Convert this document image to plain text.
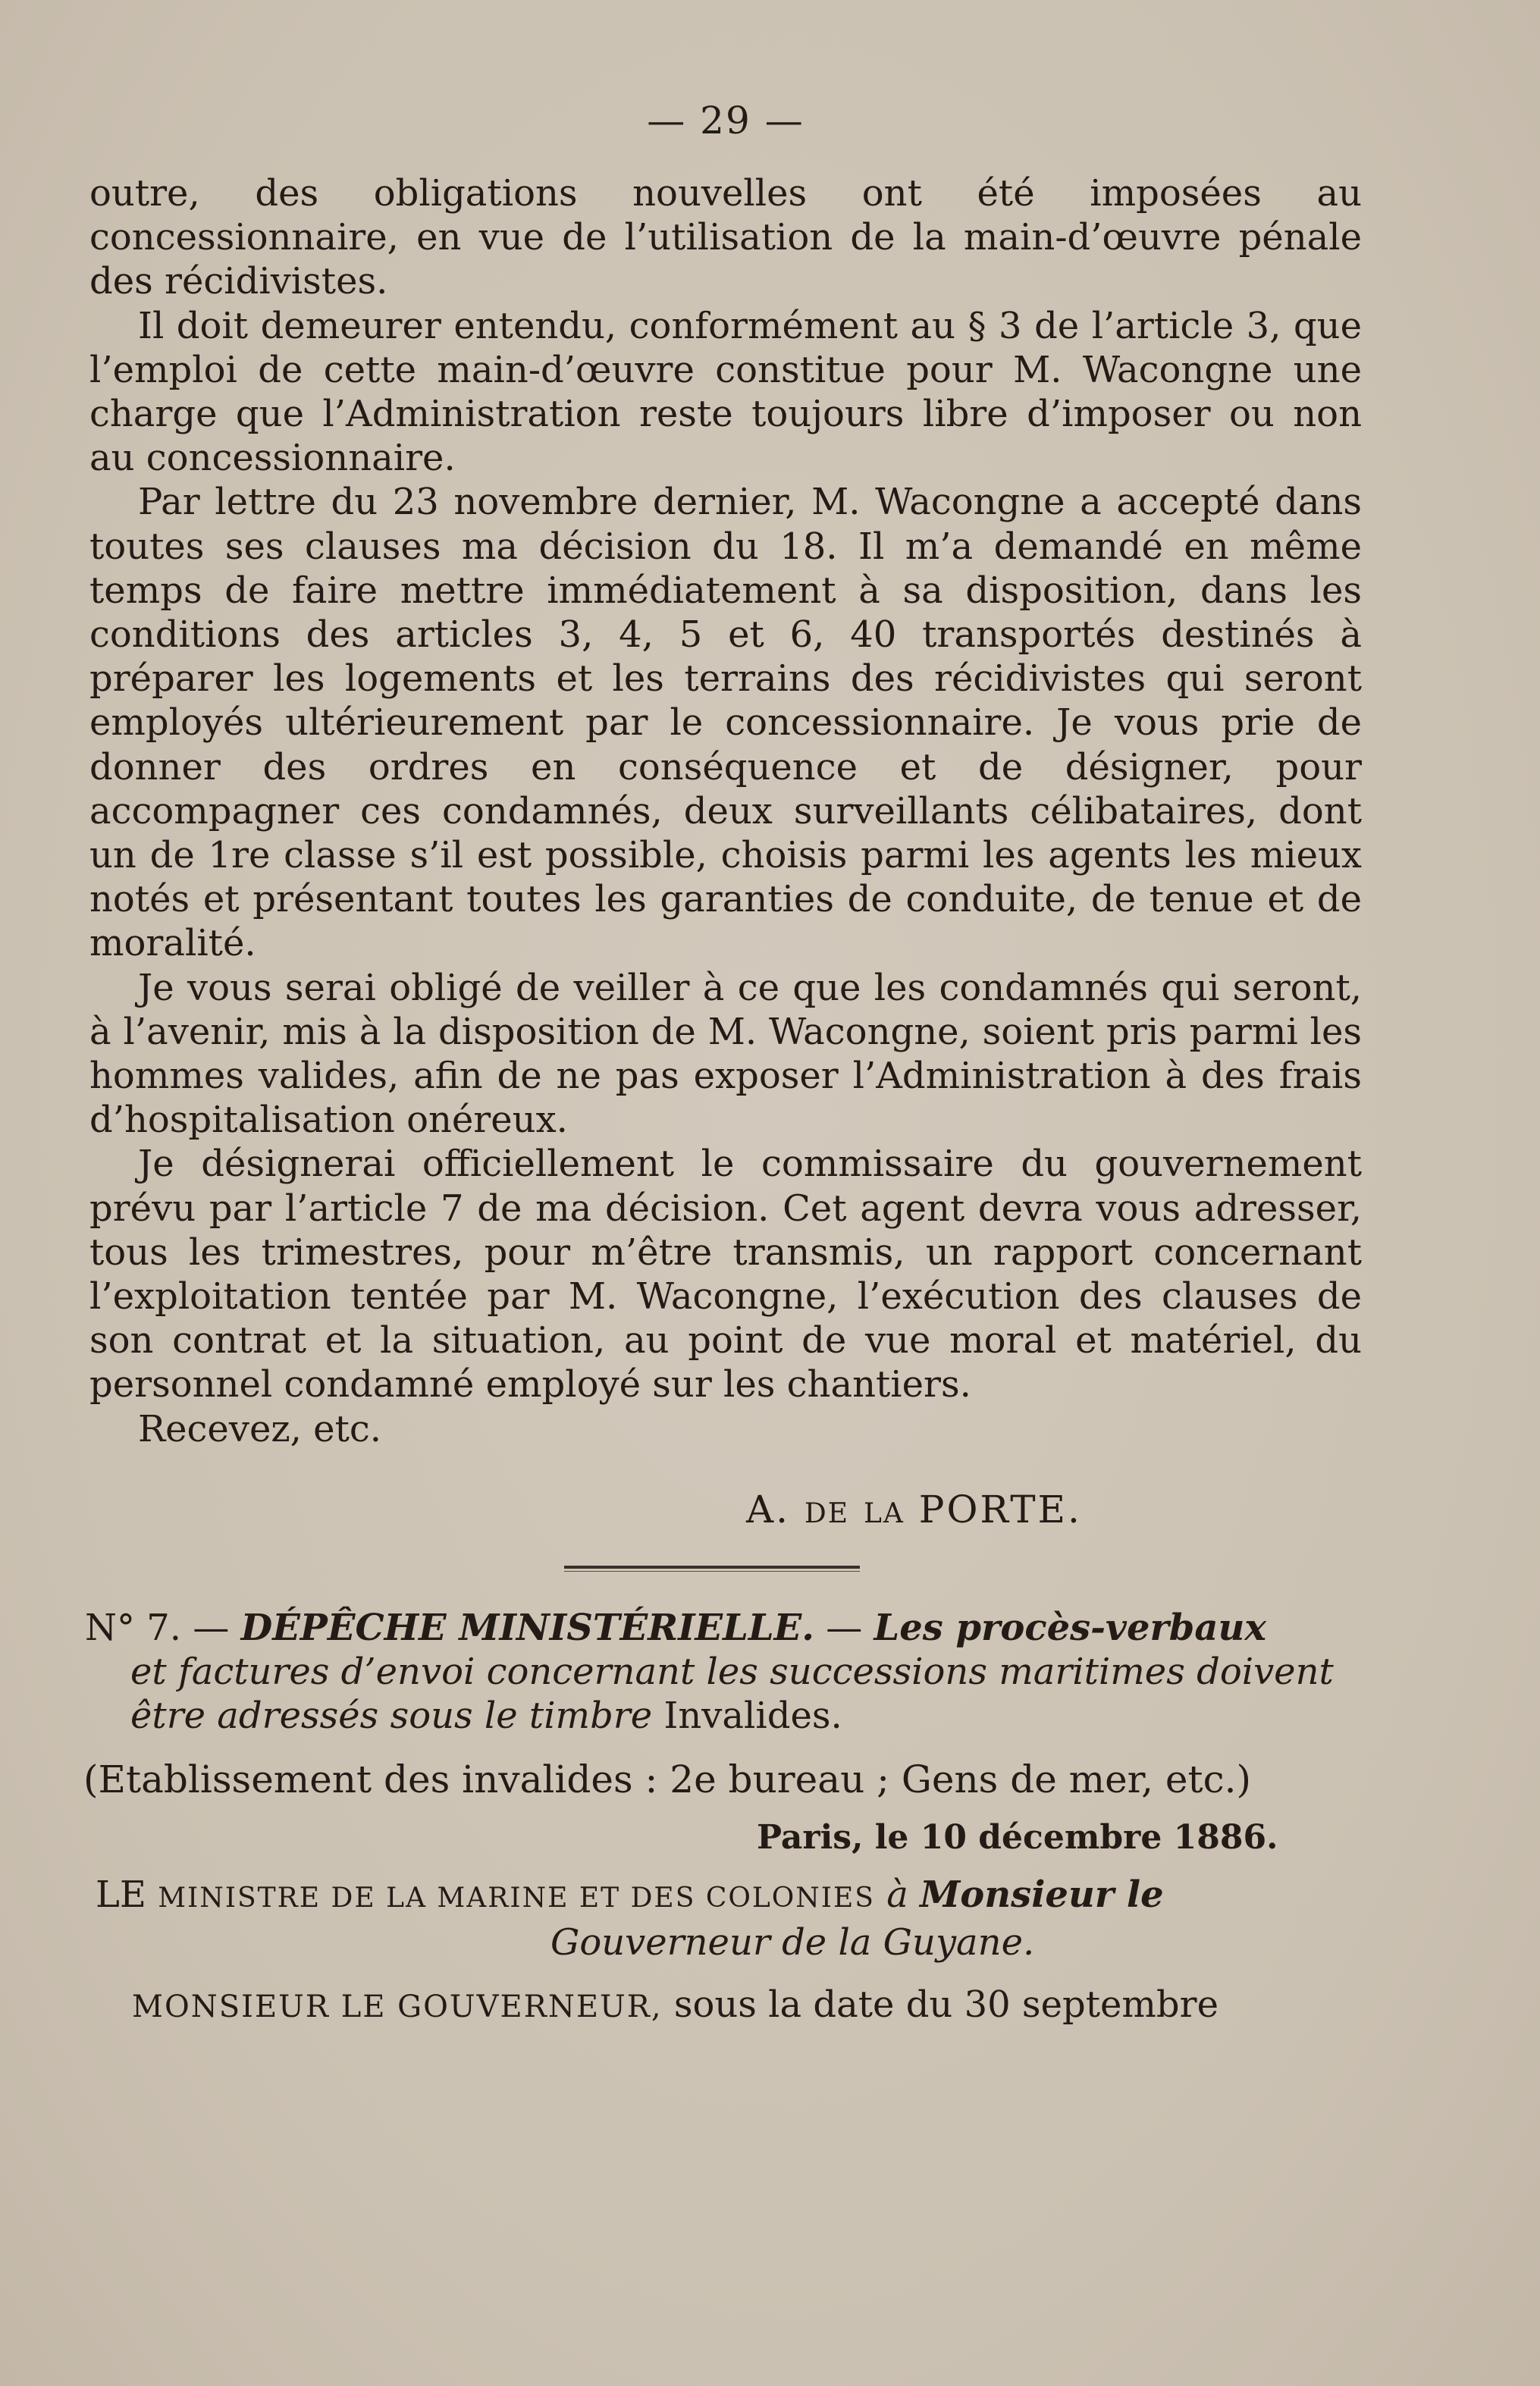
— 29 —

outre, des obligations nouvelles ont été imposées au concessionnaire, en vue de l’utilisation de la main-d’œuvre pénale des récidivistes.

Il doit demeurer entendu, conformément au § 3 de l’article 3, que l’emploi de cette main-d’œuvre constitue pour M. Wacongne une charge que l’Administration reste toujours libre d’imposer ou non au concessionnaire.

Par lettre du 23 novembre dernier, M. Wacongne a accepté dans toutes ses clauses ma décision du 18. Il m’a demandé en même temps de faire mettre immédiatement à sa disposition, dans les conditions des articles 3, 4, 5 et 6, 40 transportés destinés à préparer les logements et les terrains des récidivistes qui seront employés ultérieurement par le concessionnaire. Je vous prie de donner des ordres en conséquence et de désigner, pour accompagner ces condamnés, deux surveillants célibataires, dont un de 1re classe s’il est possible, choisis parmi les agents les mieux notés et présentant toutes les garanties de conduite, de tenue et de moralité.

Je vous serai obligé de veiller à ce que les condamnés qui seront, à l’avenir, mis à la disposition de M. Wacongne, soient pris parmi les hommes valides, afin de ne pas exposer l’Administration à des frais d’hospitalisation onéreux.

Je désignerai officiellement le commissaire du gouvernement prévu par l’article 7 de ma décision. Cet agent devra vous adresser, tous les trimestres, pour m’être transmis, un rapport concernant l’exploitation tentée par M. Wacongne, l’exécution des clauses de son contrat et la situation, au point de vue moral et matériel, du personnel condamné employé sur les chantiers.

Recevez, etc.

A. DE LA PORTE.

N° 7. — DÉPÊCHE MINISTÉRIELLE. — Les procès-verbaux

et factures d’envoi concernant les successions maritimes doivent être adressés sous le timbre Invalides.

(Etablissement des invalides : 2e bureau ; Gens de mer, etc.)
Paris, le 10 décembre 1886.

LE MINISTRE DE LA MARINE ET DES COLONIES à Monsieur le

Gouverneur de la Guyane.

MONSIEUR LE GOUVERNEUR, sous la date du 30 septembre
